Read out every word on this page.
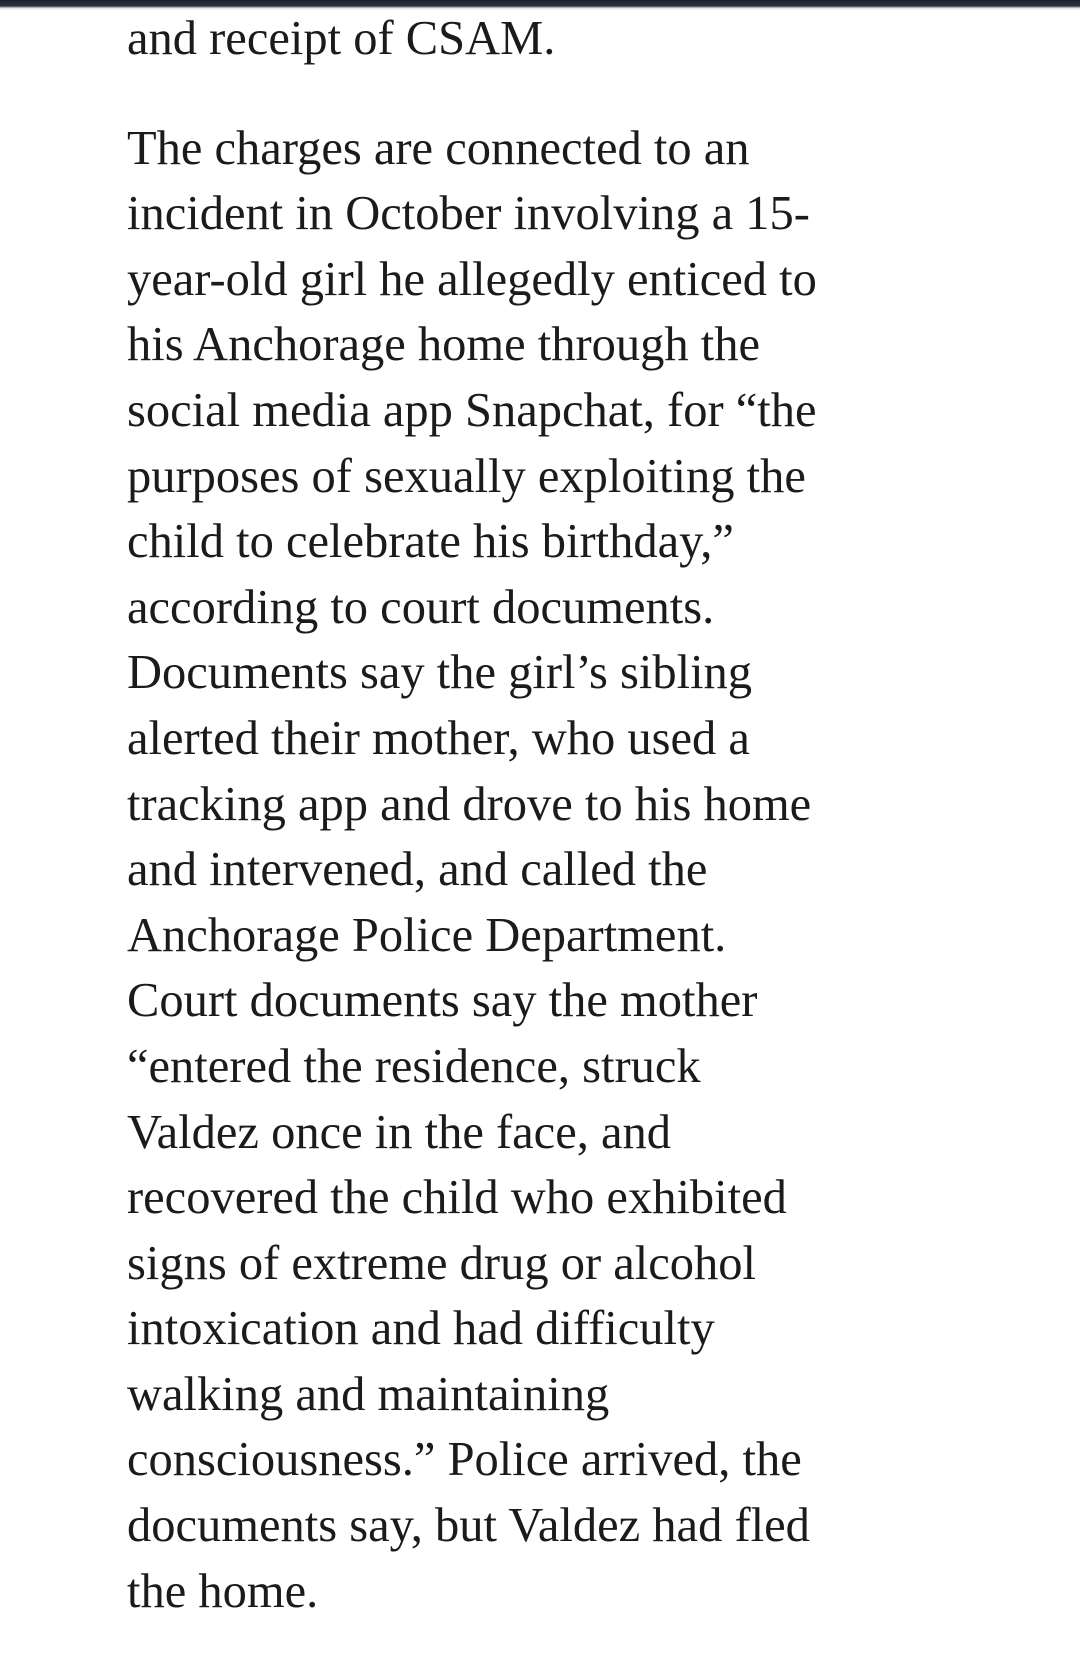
and receipt of CSAM.

The charges are connected to an
incident in October involving a 15-
year-old girl he allegedly enticed to
his Anchorage home through the
social media app Snapchat, for “the
purposes of sexually exploiting the
child to celebrate his birthday,”
according to court documents.
Documents say the girl’s sibling
alerted their mother, who used a
tracking app and drove to his home
and intervened, and called the
Anchorage Police Department.
Court documents say the mother
“entered the residence, struck
Valdez once in the face, and
recovered the child who exhibited
signs of extreme drug or alcohol
intoxication and had difficulty
walking and maintaining
consciousness.” Police arrived, the
documents say, but Valdez had fled
the home.
